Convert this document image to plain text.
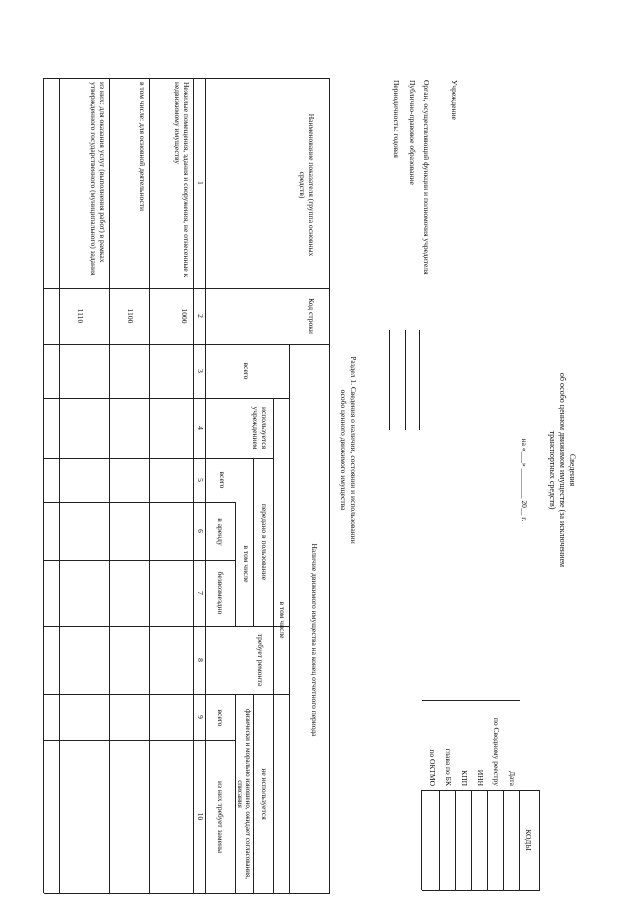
Сведения
об особо ценном движимом имуществе (за исключением
транспортных средств)
на «___» ________ 20__ г.
КОДЫ
Дата
по Сводному реестру
ИНН
КПП
глава по БК
по ОКТМО
Учреждение
Орган, осуществляющий функции и полномочия учредителя
Публично-правовое образование
Периодичность: годовая
Раздел 1. Сведения о наличии, состоянии и использовании
особо ценного движимого имущества
Наименование показателя (группа основных средств)
Код строки
Наличие движимого имущества на конец отчетного периода
всего
в том числе
используется учреждением
передано в пользование
всего
в том числе
в аренду
безвозмездно
требует ремонта
не используется
физически и морально изношено, ожидает согласования, списания
всего
из них требует замены
1
2
3
4
5
6
7
8
9
10
Нежилые помещения, здания и сооружения, не отнесенные к недвижимому имуществу
1000
в том числе: для основной деятельности
1100
из них: для оказания услуг (выполнения работ) в рамках утвержденного государственного (муниципального) задания
1110
